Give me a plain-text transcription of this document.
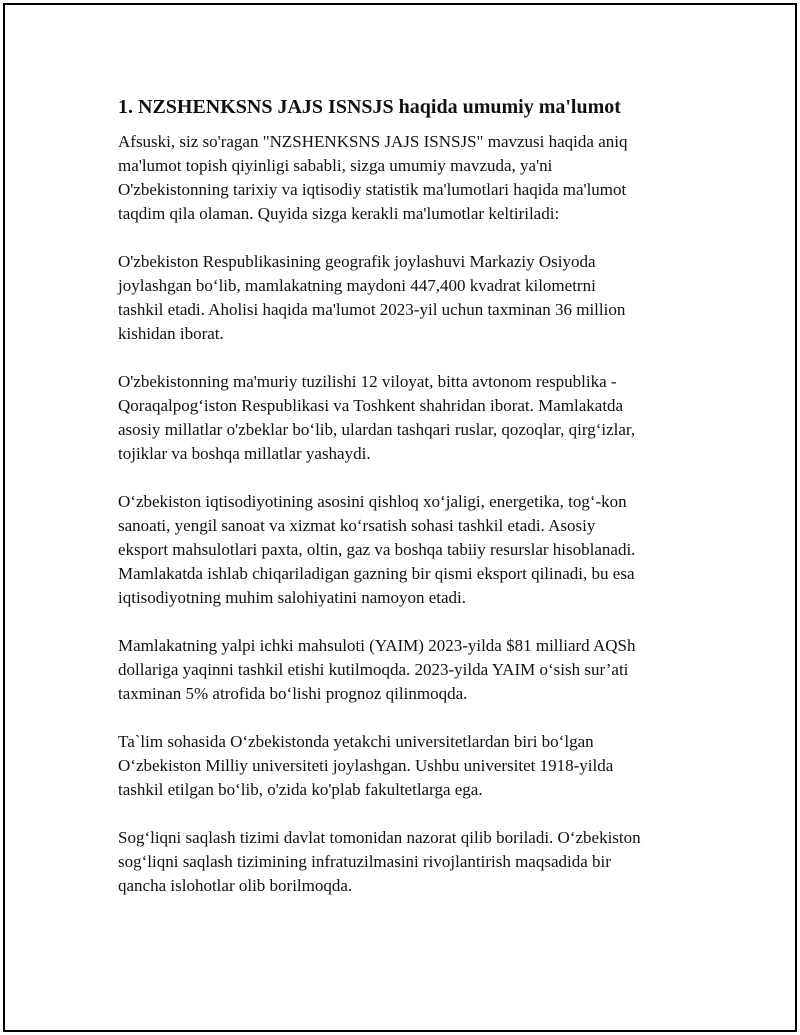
1. NZSHENKSNS JAJS ISNSJS haqida umumiy ma'lumot
Afsuski, siz so'ragan "NZSHENKSNS JAJS ISNSJS" mavzusi haqida aniq
ma'lumot topish qiyinligi sababli, sizga umumiy mavzuda, ya'ni
O'zbekistonning tarixiy va iqtisodiy statistik ma'lumotlari haqida ma'lumot
taqdim qila olaman. Quyida sizga kerakli ma'lumotlar keltiriladi:
O'zbekiston Respublikasining geografik joylashuvi Markaziy Osiyoda
joylashgan bo‘lib, mamlakatning maydoni 447,400 kvadrat kilometrni
tashkil etadi. Aholisi haqida ma'lumot 2023-yil uchun taxminan 36 million
kishidan iborat.
O'zbekistonning ma'muriy tuzilishi 12 viloyat, bitta avtonom respublika -
Qoraqalpog‘iston Respublikasi va Toshkent shahridan iborat. Mamlakatda
asosiy millatlar o'zbeklar bo‘lib, ulardan tashqari ruslar, qozoqlar, qirg‘izlar,
tojiklar va boshqa millatlar yashaydi.
O‘zbekiston iqtisodiyotining asosini qishloq xo‘jaligi, energetika, tog‘-kon
sanoati, yengil sanoat va xizmat ko‘rsatish sohasi tashkil etadi. Asosiy
eksport mahsulotlari paxta, oltin, gaz va boshqa tabiiy resurslar hisoblanadi.
Mamlakatda ishlab chiqariladigan gazning bir qismi eksport qilinadi, bu esa
iqtisodiyotning muhim salohiyatini namoyon etadi.
Mamlakatning yalpi ichki mahsuloti (YAIM) 2023-yilda $81 milliard AQSh
dollariga yaqinni tashkil etishi kutilmoqda. 2023-yilda YAIM o‘sish sur’ati
taxminan 5% atrofida bo‘lishi prognoz qilinmoqda.
Ta`lim sohasida O‘zbekistonda yetakchi universitetlardan biri bo‘lgan
O‘zbekiston Milliy universiteti joylashgan. Ushbu universitet 1918-yilda
tashkil etilgan bo‘lib, o'zida ko'plab fakultetlarga ega.
Sog‘liqni saqlash tizimi davlat tomonidan nazorat qilib boriladi. O‘zbekiston
sog‘liqni saqlash tizimining infratuzilmasini rivojlantirish maqsadida bir
qancha islohotlar olib borilmoqda.
